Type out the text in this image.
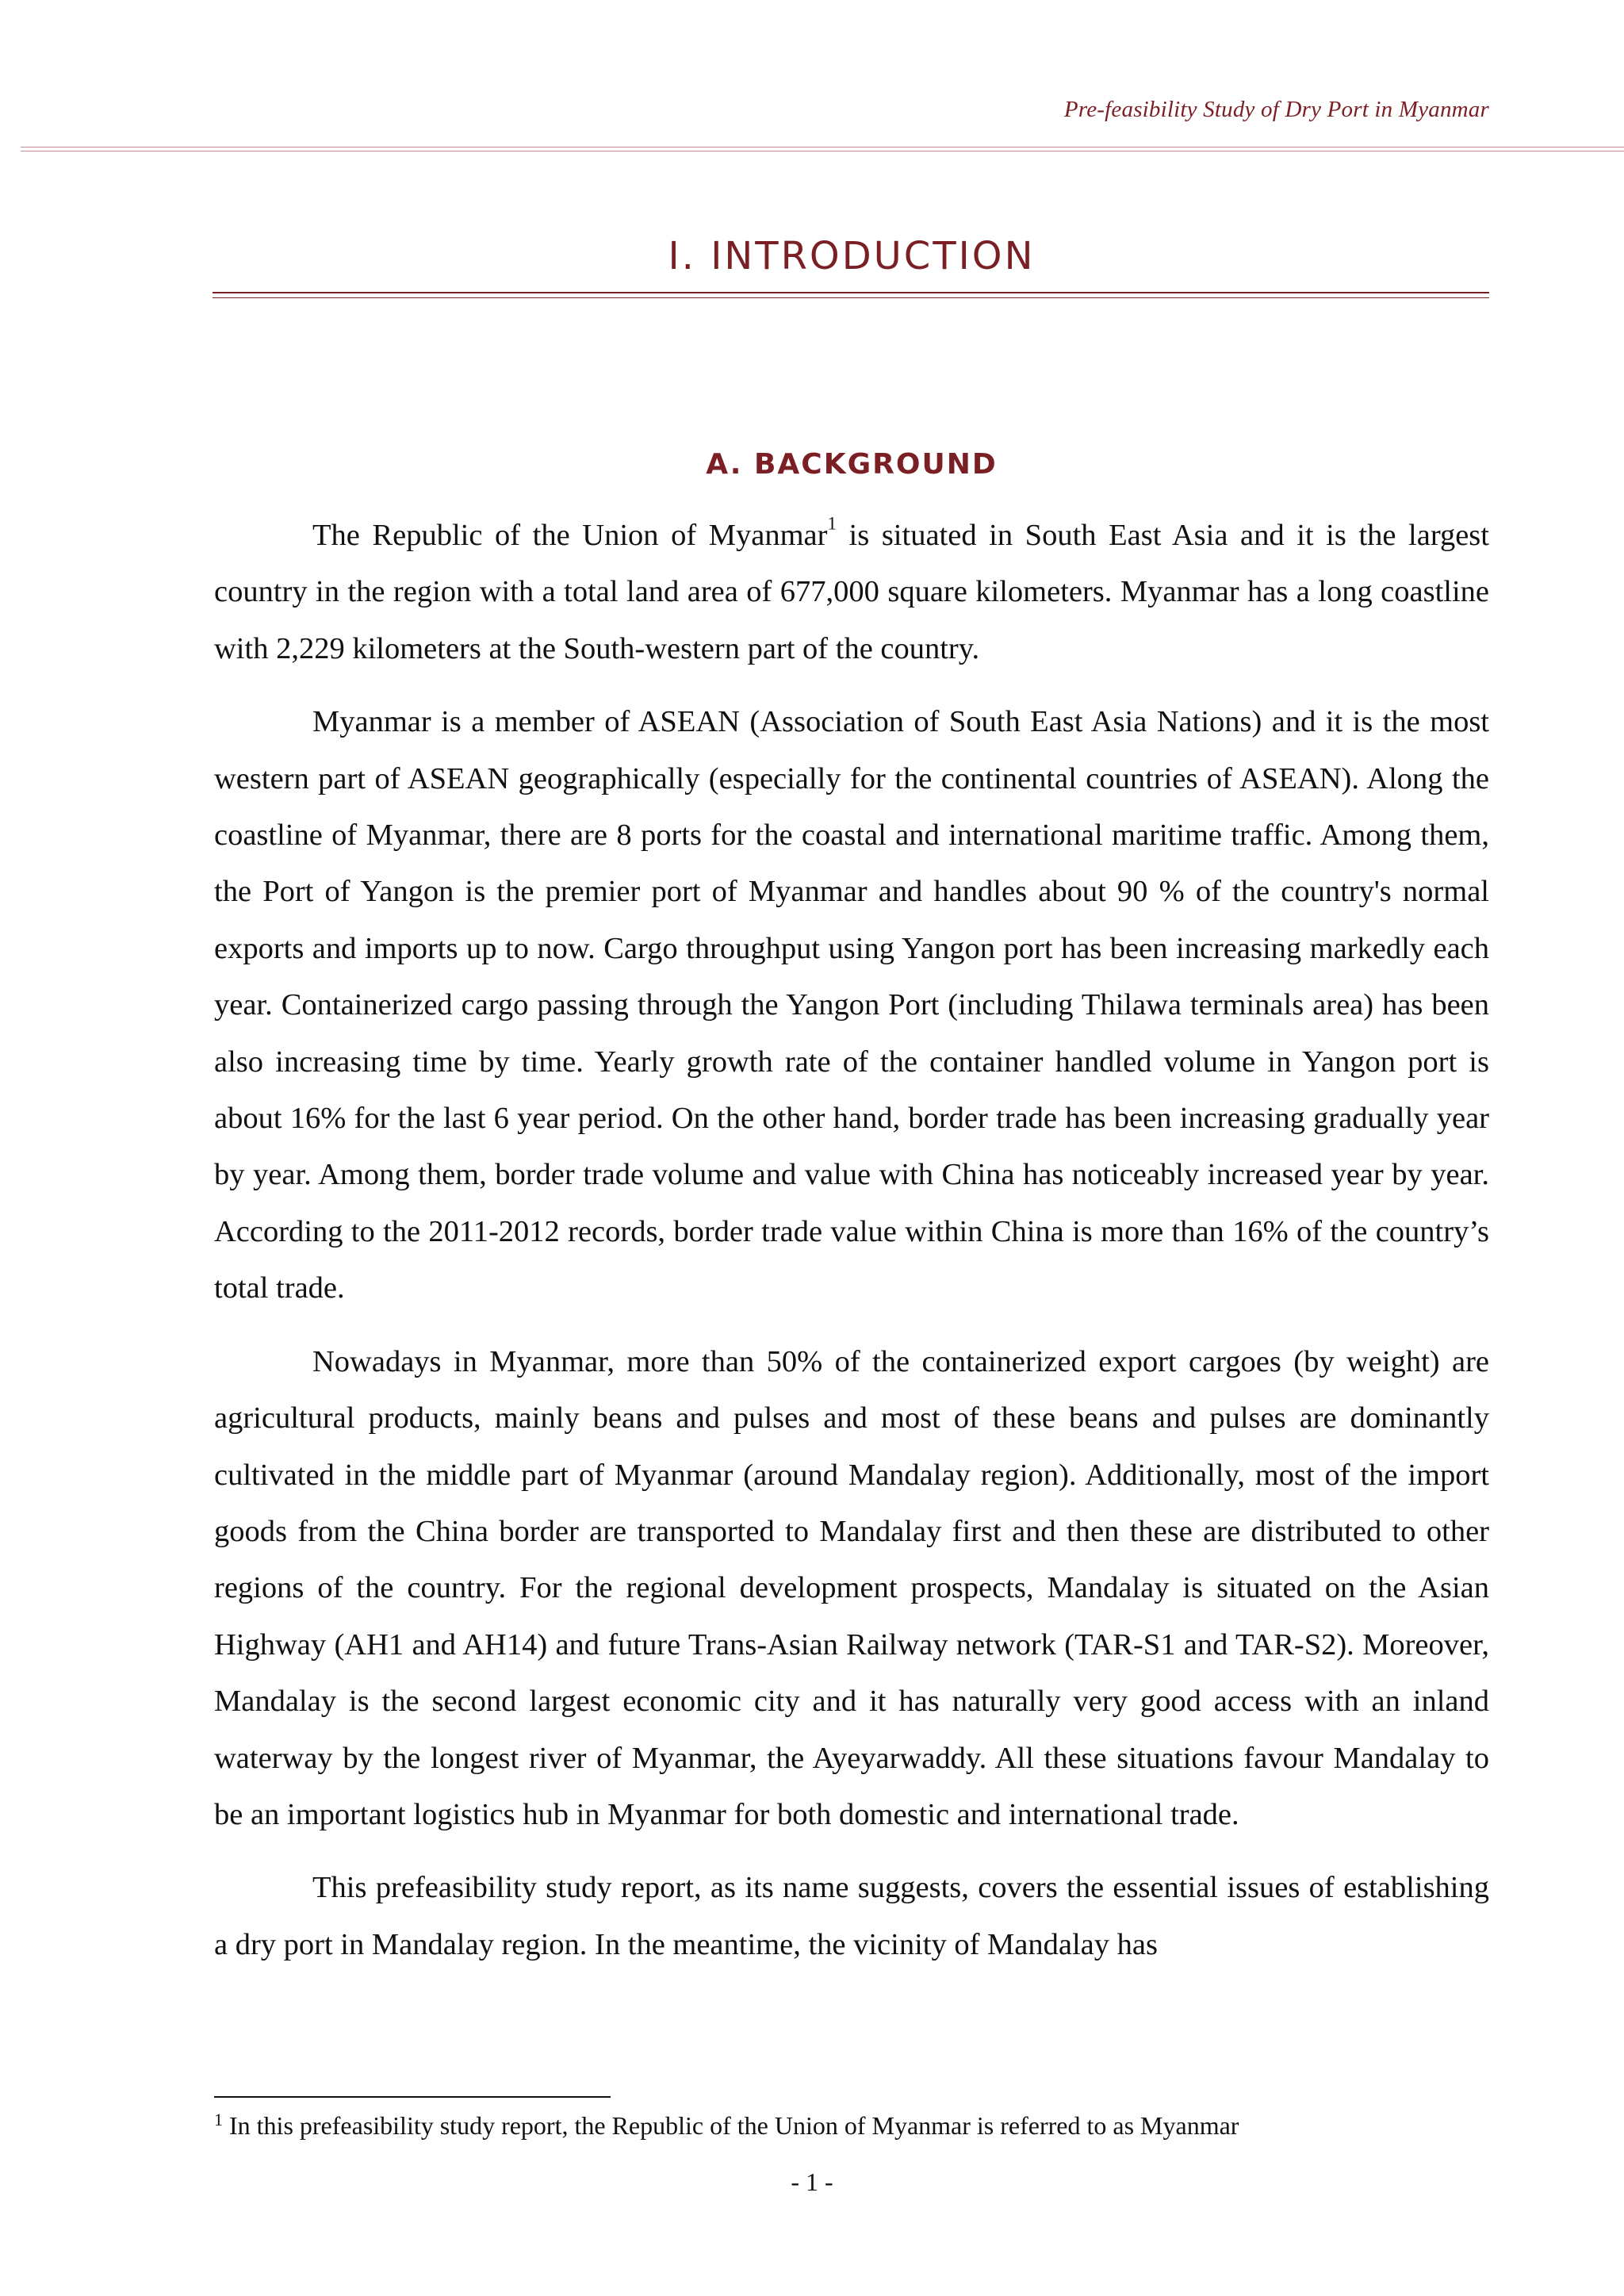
Pre-feasibility Study of Dry Port in Myanmar
I. INTRODUCTION
A. BACKGROUND

The Republic of the Union of Myanmar$^1$ is situated in South East Asia and it is the largest country in the region with a total land area of 677,000 square kilometers. Myanmar has a long coastline with 2,229 kilometers at the South-western part of the country.

Myanmar is a member of ASEAN (Association of South East Asia Nations) and it is the most western part of ASEAN geographically (especially for the continental countries of ASEAN). Along the coastline of Myanmar, there are 8 ports for the coastal and international maritime traffic. Among them, the Port of Yangon is the premier port of Myanmar and handles about 90 % of the country's normal exports and imports up to now. Cargo throughput using Yangon port has been increasing markedly each year. Containerized cargo passing through the Yangon Port (including Thilawa terminals area) has been also increasing time by time. Yearly growth rate of the container handled volume in Yangon port is about 16% for the last 6 year period. On the other hand, border trade has been increasing gradually year by year. Among them, border trade volume and value with China has noticeably increased year by year. According to the 2011-2012 records, border trade value within China is more than 16% of the country’s total trade.

Nowadays in Myanmar, more than 50% of the containerized export cargoes (by weight) are agricultural products, mainly beans and pulses and most of these beans and pulses are dominantly cultivated in the middle part of Myanmar (around Mandalay region). Additionally, most of the import goods from the China border are transported to Mandalay first and then these are distributed to other regions of the country. For the regional development prospects, Mandalay is situated on the Asian Highway (AH1 and AH14) and future Trans-Asian Railway network (TAR-S1 and TAR-S2). Moreover, Mandalay is the second largest economic city and it has naturally very good access with an inland waterway by the longest river of Myanmar, the Ayeyarwaddy. All these situations favour Mandalay to be an important logistics hub in Myanmar for both domestic and international trade.

This prefeasibility study report, as its name suggests, covers the essential issues of establishing a dry port in Mandalay region. In the meantime, the vicinity of Mandalay has

$^1$ In this prefeasibility study report, the Republic of the Union of Myanmar is referred to as Myanmar
- 1 -
